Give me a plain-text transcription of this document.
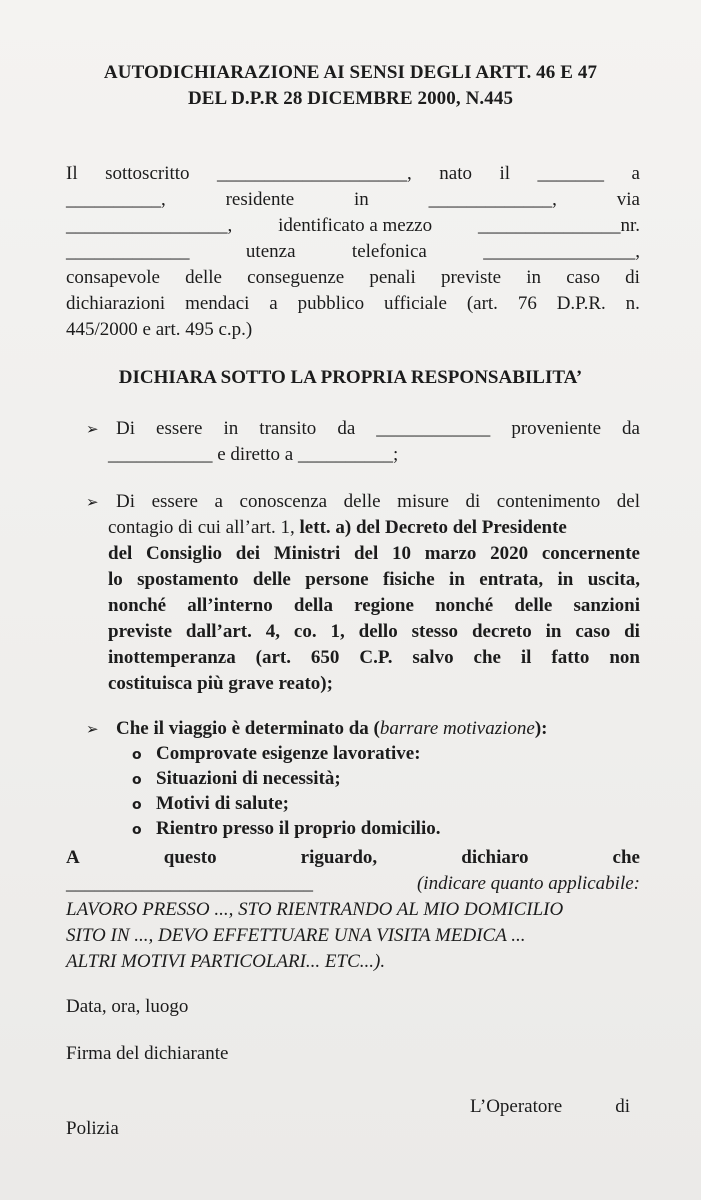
AUTODICHIARAZIONE AI SENSI DEGLI ARTT. 46 E 47
DEL D.P.R 28 DICEMBRE 2000, N.445
Il sottoscritto ____________________, nato il _______ a
__________,	residente	in	_____________,	via
_________________, identificato a mezzo _______________nr.
_____________	utenza	telefonica	________________,
consapevole delle conseguenze penali previste in caso di
dichiarazioni mendaci a pubblico ufficiale (art. 76 D.P.R. n.
445/2000 e art. 495 c.p.)
DICHIARA SOTTO LA PROPRIA RESPONSABILITA’
➢ Di essere in transito da ____________ proveniente da
___________ e diretto a __________;
➢ Di essere a conoscenza delle misure di contenimento del
contagio di cui all’art. 1, lett. a) del Decreto del Presidente
del Consiglio dei Ministri del 10 marzo 2020 concernente
lo spostamento delle persone fisiche in entrata, in uscita,
nonché all’interno della regione nonché delle sanzioni
previste dall’art. 4, co. 1, dello stesso decreto in caso di
inottemperanza (art. 650 C.P. salvo che il fatto non
costituisca più grave reato);
➢ Che il viaggio è determinato da (barrare motivazione):
o Comprovate esigenze lavorative:
o Situazioni di necessità;
o Motivi di salute;
o Rientro presso il proprio domicilio.
A	questo	riguardo,	dichiaro	che
__________________________	(indicare quanto applicabile:
LAVORO PRESSO ..., STO RIENTRANDO AL MIO DOMICILIO
SITO IN ..., DEVO EFFETTUARE UNA VISITA MEDICA ...
ALTRI MOTIVI PARTICOLARI... ETC...).
Data, ora, luogo
Firma del dichiarante
L’Operatore	di
Polizia
